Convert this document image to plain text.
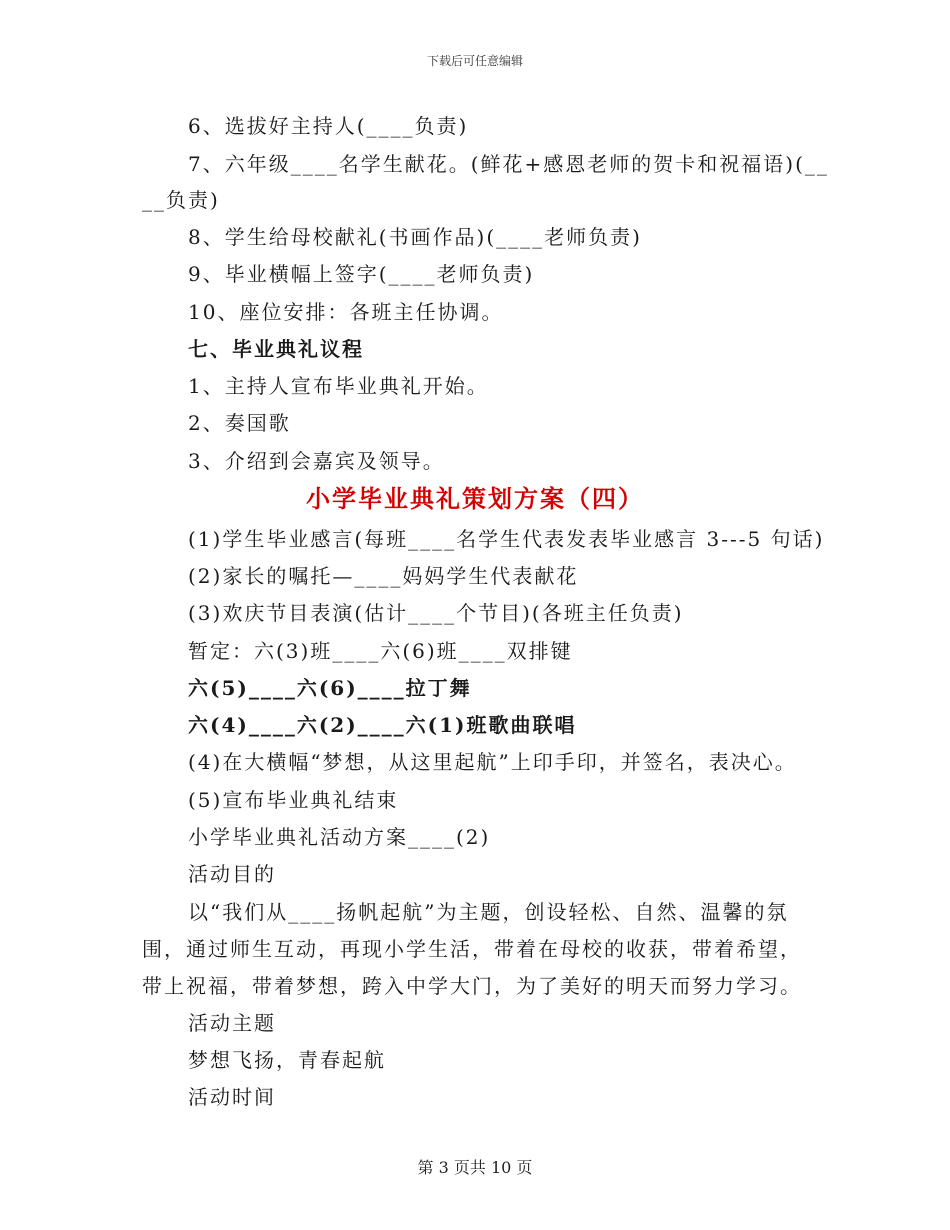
下载后可任意编辑
6、选拔好主持人(____负责)
7、六年级____名学生献花。(鲜花+感恩老师的贺卡和祝福语)(__
__负责)
8、学生给母校献礼(书画作品)(____老师负责)
9、毕业横幅上签字(____老师负责)
10、座位安排：各班主任协调。
七、毕业典礼议程
1、主持人宣布毕业典礼开始。
2、奏国歌
3、介绍到会嘉宾及领导。
小学毕业典礼策划方案（四）
(1)学生毕业感言(每班____名学生代表发表毕业感言 3---5 句话)
(2)家长的嘱托—____妈妈学生代表献花
(3)欢庆节目表演(估计____个节目)(各班主任负责)
暂定：六(3)班____六(6)班____双排键
六(5)____六(6)____拉丁舞
六(4)____六(2)____六(1)班歌曲联唱
(4)在大横幅“梦想，从这里起航”上印手印，并签名，表决心。
(5)宣布毕业典礼结束
小学毕业典礼活动方案____(2)
活动目的
以“我们从____扬帆起航”为主题，创设轻松、自然、温馨的氛
围，通过师生互动，再现小学生活，带着在母校的收获，带着希望，
带上祝福，带着梦想，跨入中学大门，为了美好的明天而努力学习。
活动主题
梦想飞扬，青春起航
活动时间
第 3 页共 10 页
